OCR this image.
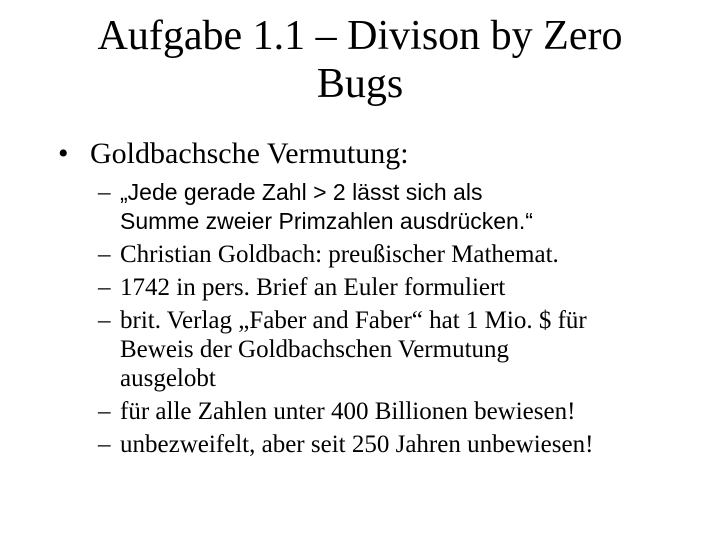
Aufgabe 1.1 – Divison by Zero
Bugs
• Goldbachsche Vermutung:
– „Jede gerade Zahl > 2 lässt sich als
Summe zweier Primzahlen ausdrücken.“
– Christian Goldbach: preußischer Mathemat.
– 1742 in pers. Brief an Euler formuliert
– brit. Verlag „Faber and Faber“ hat 1 Mio. $ für
Beweis der Goldbachschen Vermutung
ausgelobt
– für alle Zahlen unter 400 Billionen bewiesen!
– unbezweifelt, aber seit 250 Jahren unbewiesen!
